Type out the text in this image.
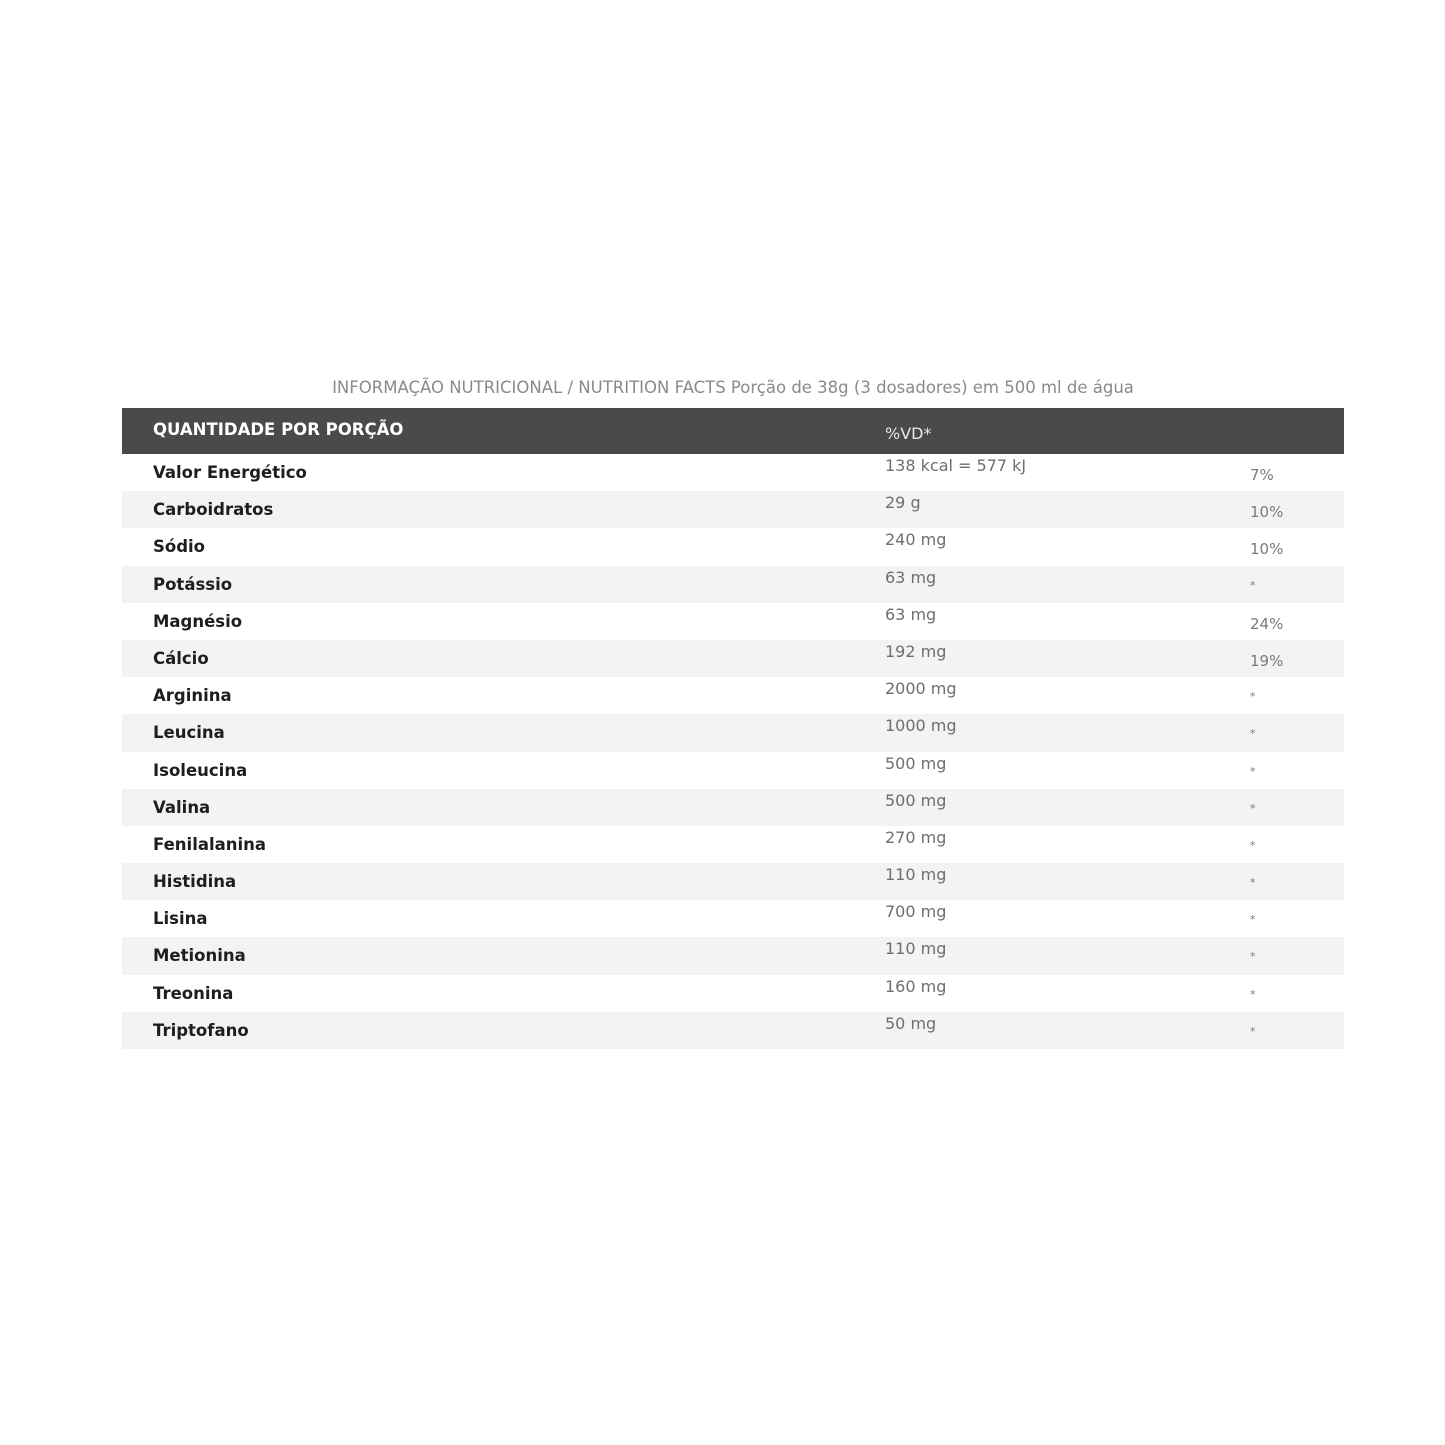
INFORMAÇÃO NUTRICIONAL / NUTRITION FACTS Porção de 38g (3 dosadores) em 500 ml de água
QUANTIDADE POR PORÇÃO	%VD*
Valor Energético	138 kcal = 577 kJ	7%
Carboidratos	29 g	10%
Sódio	240 mg	10%
Potássio	63 mg	*
Magnésio	63 mg	24%
Cálcio	192 mg	19%
Arginina	2000 mg	*
Leucina	1000 mg	*
Isoleucina	500 mg	*
Valina	500 mg	*
Fenilalanina	270 mg	*
Histidina	110 mg	*
Lisina	700 mg	*
Metionina	110 mg	*
Treonina	160 mg	*
Triptofano	50 mg	*
